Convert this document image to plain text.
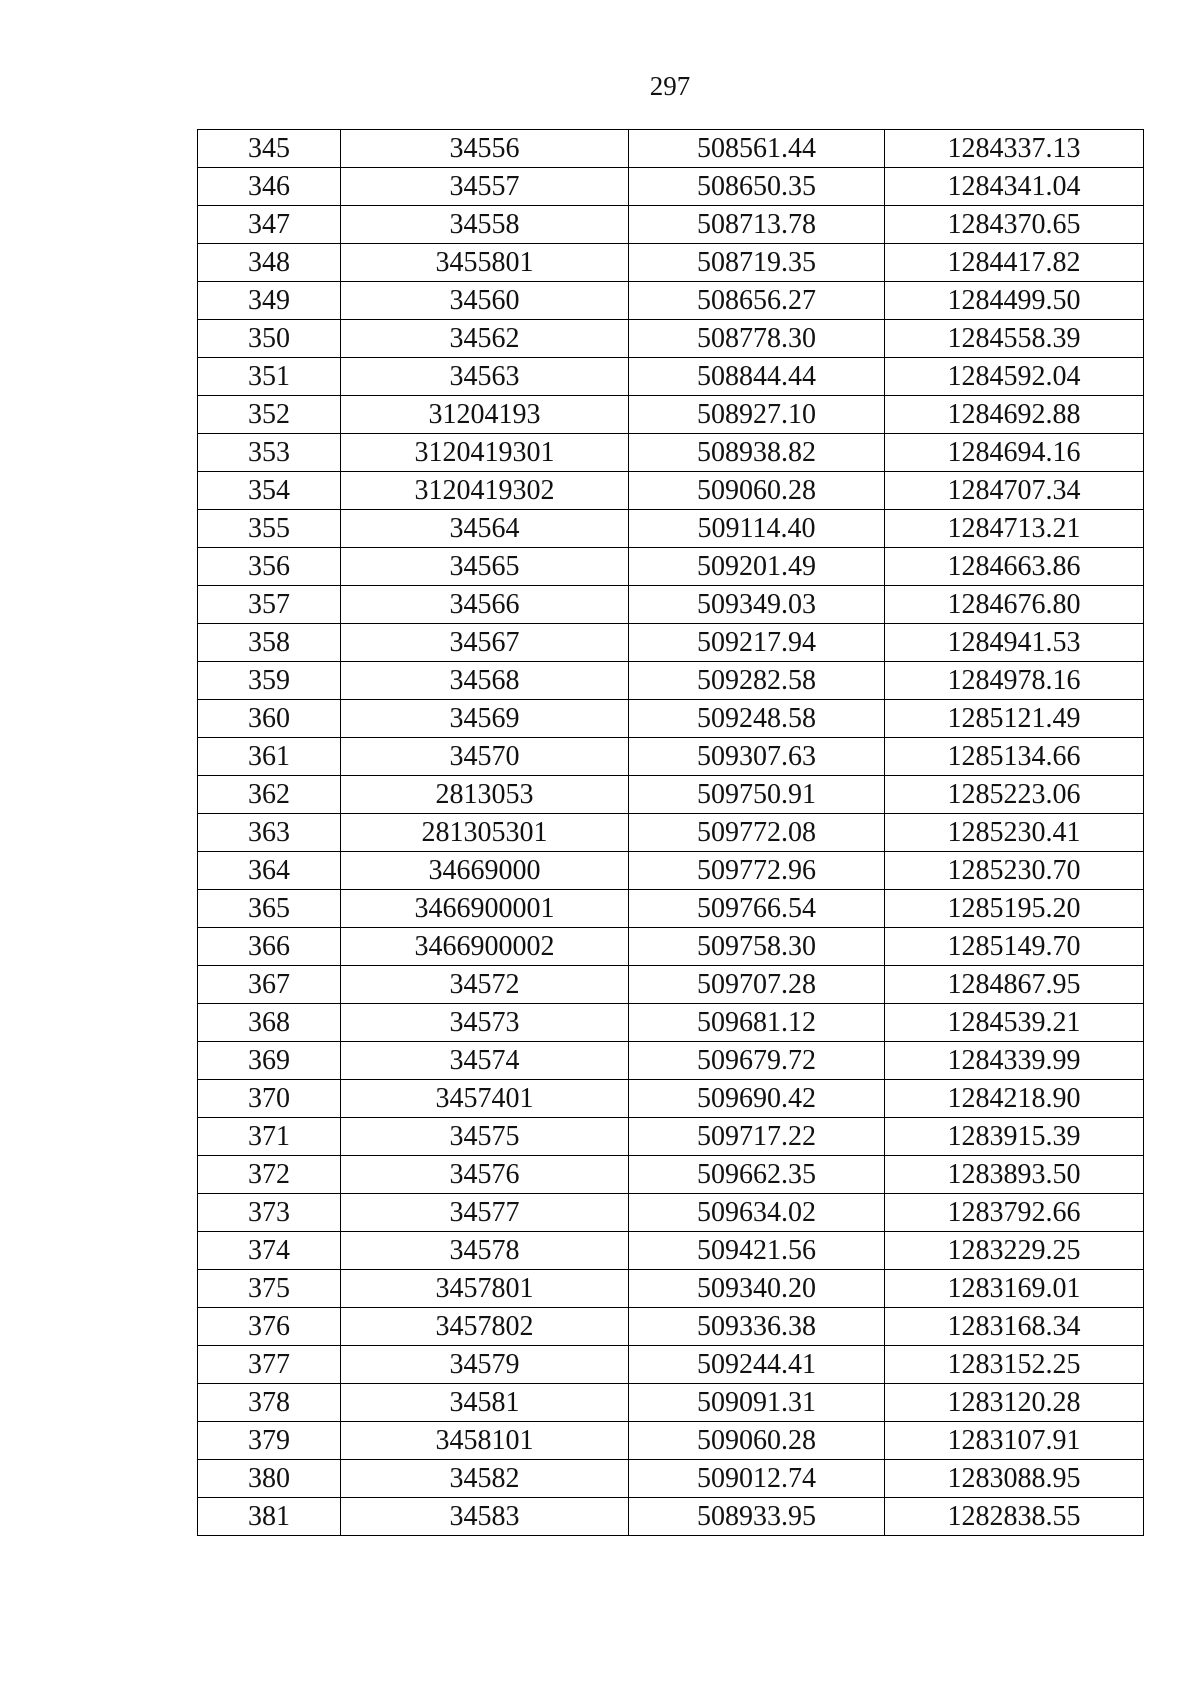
297
345	34556	508561.44	1284337.13
346	34557	508650.35	1284341.04
347	34558	508713.78	1284370.65
348	3455801	508719.35	1284417.82
349	34560	508656.27	1284499.50
350	34562	508778.30	1284558.39
351	34563	508844.44	1284592.04
352	31204193	508927.10	1284692.88
353	3120419301	508938.82	1284694.16
354	3120419302	509060.28	1284707.34
355	34564	509114.40	1284713.21
356	34565	509201.49	1284663.86
357	34566	509349.03	1284676.80
358	34567	509217.94	1284941.53
359	34568	509282.58	1284978.16
360	34569	509248.58	1285121.49
361	34570	509307.63	1285134.66
362	2813053	509750.91	1285223.06
363	281305301	509772.08	1285230.41
364	34669000	509772.96	1285230.70
365	3466900001	509766.54	1285195.20
366	3466900002	509758.30	1285149.70
367	34572	509707.28	1284867.95
368	34573	509681.12	1284539.21
369	34574	509679.72	1284339.99
370	3457401	509690.42	1284218.90
371	34575	509717.22	1283915.39
372	34576	509662.35	1283893.50
373	34577	509634.02	1283792.66
374	34578	509421.56	1283229.25
375	3457801	509340.20	1283169.01
376	3457802	509336.38	1283168.34
377	34579	509244.41	1283152.25
378	34581	509091.31	1283120.28
379	3458101	509060.28	1283107.91
380	34582	509012.74	1283088.95
381	34583	508933.95	1282838.55
